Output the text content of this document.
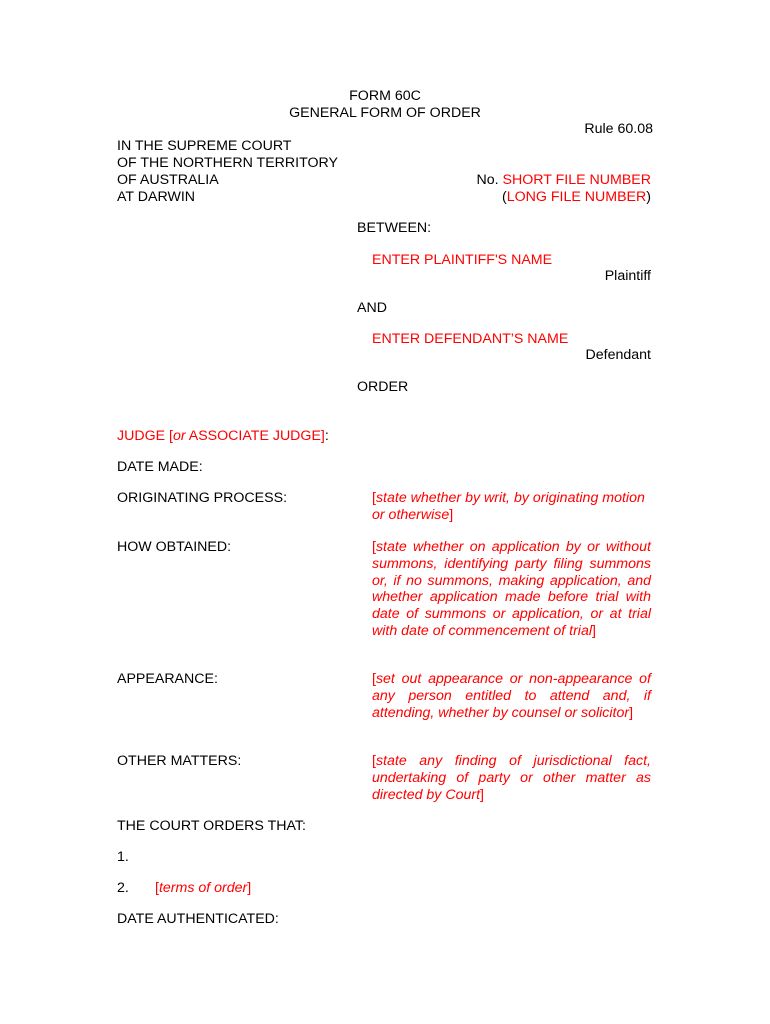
FORM 60C
GENERAL FORM OF ORDER
Rule 60.08
IN THE SUPREME COURT
OF THE NORTHERN TERRITORY
OF AUSTRALIA
AT DARWIN
No. SHORT FILE NUMBER
(LONG FILE NUMBER)
BETWEEN:
ENTER PLAINTIFF'S NAME
Plaintiff
AND
ENTER DEFENDANT’S NAME
Defendant
ORDER
JUDGE [or ASSOCIATE JUDGE]:
DATE MADE:
ORIGINATING PROCESS:	[state whether by writ, by originating motion or otherwise]
HOW OBTAINED:	[state whether on application by or without summons, identifying party filing summons or, if no summons, making application, and whether application made before trial with date of summons or application, or at trial with date of commencement of trial]
APPEARANCE:	[set out appearance or non-appearance of any person entitled to attend and, if attending, whether by counsel or solicitor]
OTHER MATTERS:	[state any finding of jurisdictional fact, undertaking of party or other matter as directed by Court]
THE COURT ORDERS THAT:
1.
2. [terms of order]
DATE AUTHENTICATED:
